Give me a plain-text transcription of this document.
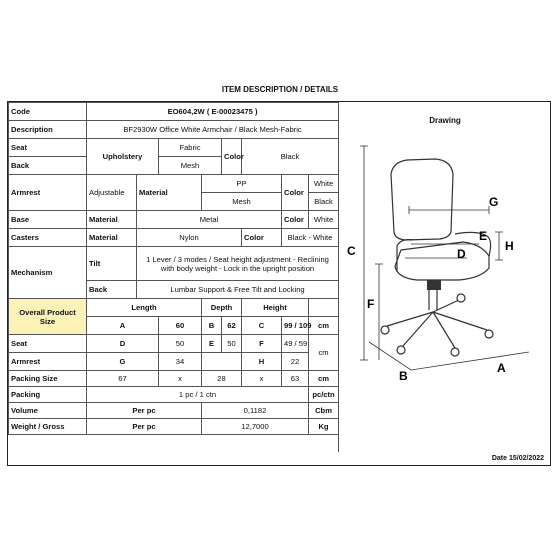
ITEM DESCRIPTION / DETAILS
Code	EO604,2W ( E-00023475 )							
Description	BF2930W Office White Armchair / Black Mesh-Fabric							
Seat	Upholstery		Fabric		Color	Black		
Back			Mesh					
Armrest	Adjustable	Material		PP			Color	White
				Mesh				Black
Base	Material	Metal					Color	White
Casters	Material	Nylon				Color	Black - White	
Mechanism	Tilt	1 Lever / 3 modes / Seat height adjustment - Reclining with body weight - Lock in the upright position						
	Back	Lumbar Support & Free Tilt and Locking						
Overall Product Size	Length			Depth		Height		
	A		60	B	62	C	99 / 109	cm
Seat	D		50	E	50	F	49 / 59	cm
Armrest	G		34			H	22	
Packing Size	67		x	28		x	63	cm
Packing	1 pc / 1 ctn							pc/ctn
Volume	Per pc			0,1182				Cbm
Weight / Gross	Per pc			12,7000				Kg
Drawing
C
F
G
H
E
D
B
A
Date 15/02/2022
